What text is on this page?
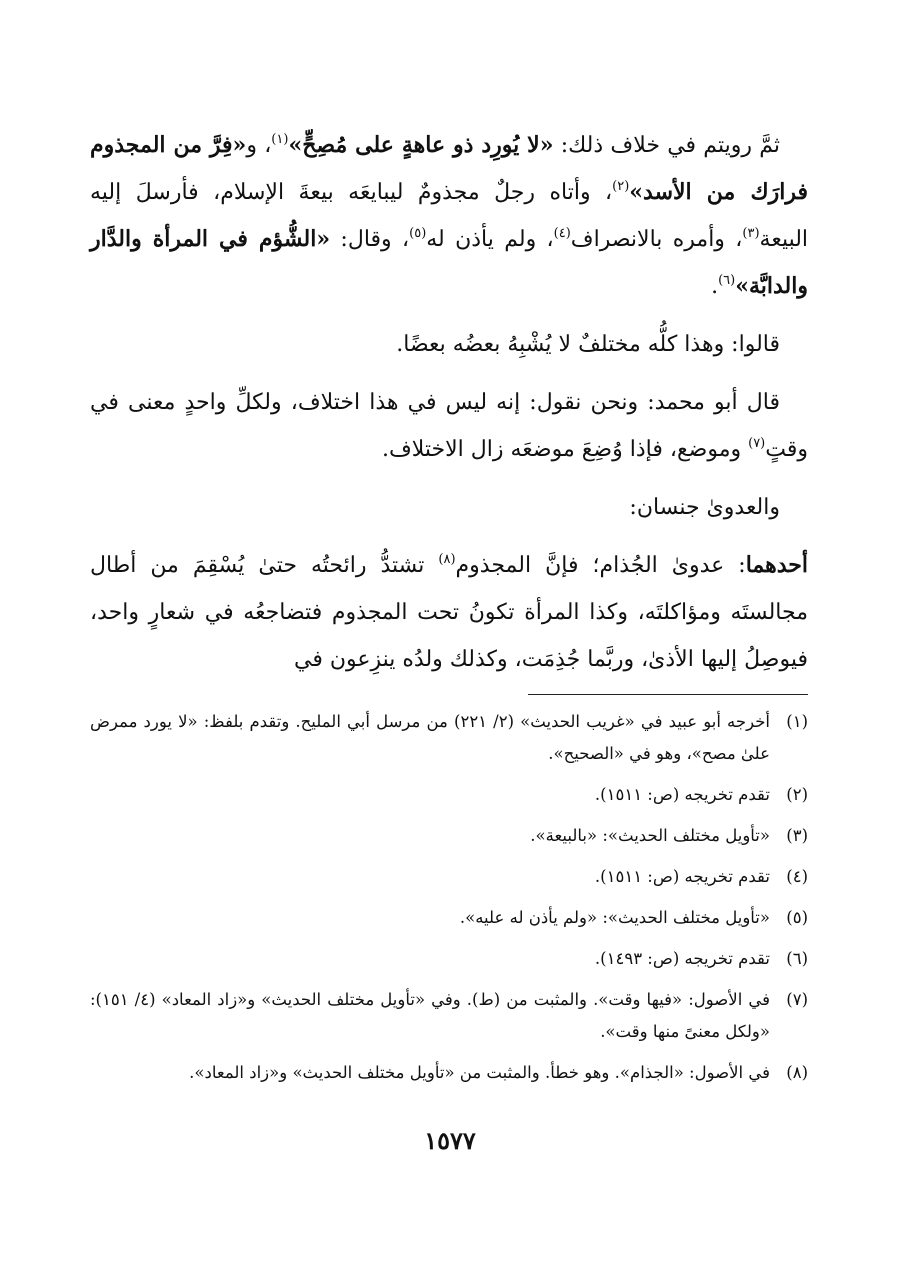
ثمَّ رويتم في خلاف ذلك: «لا يُورِد ذو عاهةٍ على مُصِحٍّ»$^{(١)}$، و«فِرَّ من المجذوم فرارَك من الأسد»$^{(٢)}$، وأتاه رجلٌ مجذومٌ ليبايعَه بيعةَ الإسلام، فأرسلَ إليه البيعة$^{(٣)}$، وأمره بالانصراف$^{(٤)}$، ولم يأذن له$^{(٥)}$، وقال: «الشُّؤم في المرأة والدَّار والدابَّة»$^{(٦)}$.

قالوا: وهذا كلُّه مختلفٌ لا يُشْبِهُ بعضُه بعضًا.

قال أبو محمد: ونحن نقول: إنه ليس في هذا اختلاف، ولكلِّ واحدٍ معنى في وقتٍ$^{(٧)}$ وموضع، فإذا وُضِعَ موضعَه زال الاختلاف.

والعدوىٰ جنسان:

أحدهما: عدوىٰ الجُذام؛ فإنَّ المجذوم$^{(٨)}$ تشتدُّ رائحتُه حتىٰ يُسْقِمَ من أطال مجالستَه ومؤاكلتَه، وكذا المرأة تكونُ تحت المجذوم فتضاجعُه في شعارٍ واحد، فيوصِلُ إليها الأذىٰ، وربَّما جُذِمَت، وكذلك ولدُه ينزِعون في

(١)
أخرجه أبو عبيد في «غريب الحديث» (٢/ ٢٢١) من مرسل أبي المليح. وتقدم بلفظ: «لا يورد ممرض علىٰ مصح»، وهو في «الصحيح».
(٢)
تقدم تخريجه (ص: ١٥١١).
(٣)
«تأويل مختلف الحديث»: «بالبيعة».
(٤)
تقدم تخريجه (ص: ١٥١١).
(٥)
«تأويل مختلف الحديث»: «ولم يأذن له عليه».
(٦)
تقدم تخريجه (ص: ١٤٩٣).
(٧)
في الأصول: «فيها وقت». والمثبت من (ط). وفي «تأويل مختلف الحديث» و«زاد المعاد» (٤/ ١٥١): «ولكل معنىً منها وقت».
(٨)
في الأصول: «الجذام». وهو خطأ. والمثبت من «تأويل مختلف الحديث» و«زاد المعاد».
١٥٧٧
